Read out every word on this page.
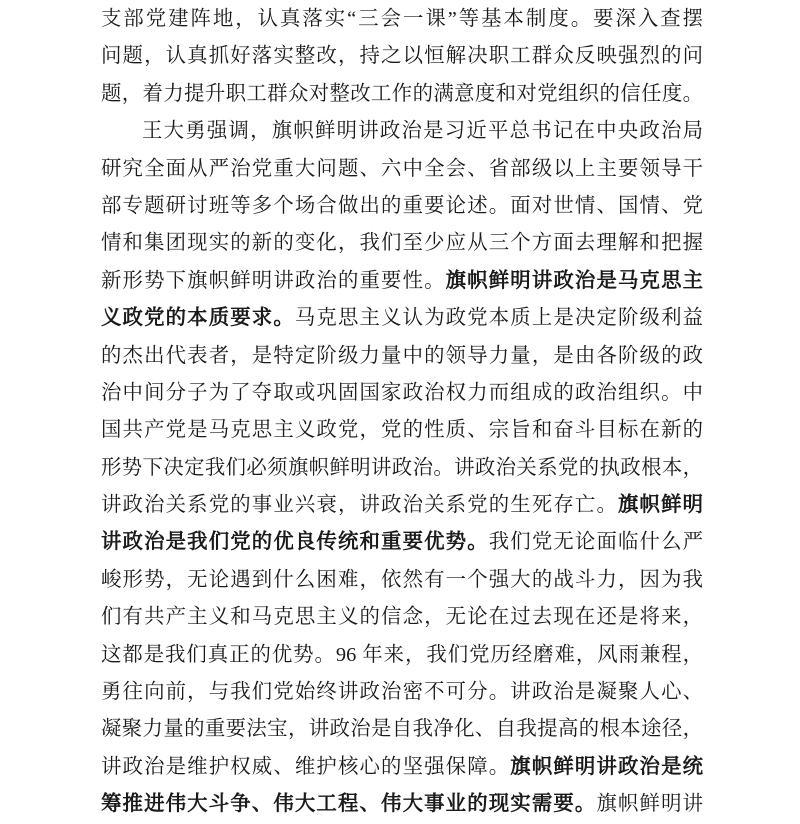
支部党建阵地，认真落实“三会一课”等基本制度。要深入查摆
问题，认真抓好落实整改，持之以恒解决职工群众反映强烈的问
题，着力提升职工群众对整改工作的满意度和对党组织的信任度。
王大勇强调，旗帜鲜明讲政治是习近平总书记在中央政治局
研究全面从严治党重大问题、六中全会、省部级以上主要领导干
部专题研讨班等多个场合做出的重要论述。面对世情、国情、党
情和集团现实的新的变化，我们至少应从三个方面去理解和把握
新形势下旗帜鲜明讲政治的重要性。旗帜鲜明讲政治是马克思主
义政党的本质要求。马克思主义认为政党本质上是决定阶级利益
的杰出代表者，是特定阶级力量中的领导力量，是由各阶级的政
治中间分子为了夺取或巩固国家政治权力而组成的政治组织。中
国共产党是马克思主义政党，党的性质、宗旨和奋斗目标在新的
形势下决定我们必须旗帜鲜明讲政治。讲政治关系党的执政根本，
讲政治关系党的事业兴衰，讲政治关系党的生死存亡。旗帜鲜明
讲政治是我们党的优良传统和重要优势。我们党无论面临什么严
峻形势，无论遇到什么困难，依然有一个强大的战斗力，因为我
们有共产主义和马克思主义的信念，无论在过去现在还是将来，
这都是我们真正的优势。96 年来，我们党历经磨难，风雨兼程，
勇往向前，与我们党始终讲政治密不可分。讲政治是凝聚人心、
凝聚力量的重要法宝，讲政治是自我净化、自我提高的根本途径，
讲政治是维护权威、维护核心的坚强保障。旗帜鲜明讲政治是统
筹推进伟大斗争、伟大工程、伟大事业的现实需要。旗帜鲜明讲
